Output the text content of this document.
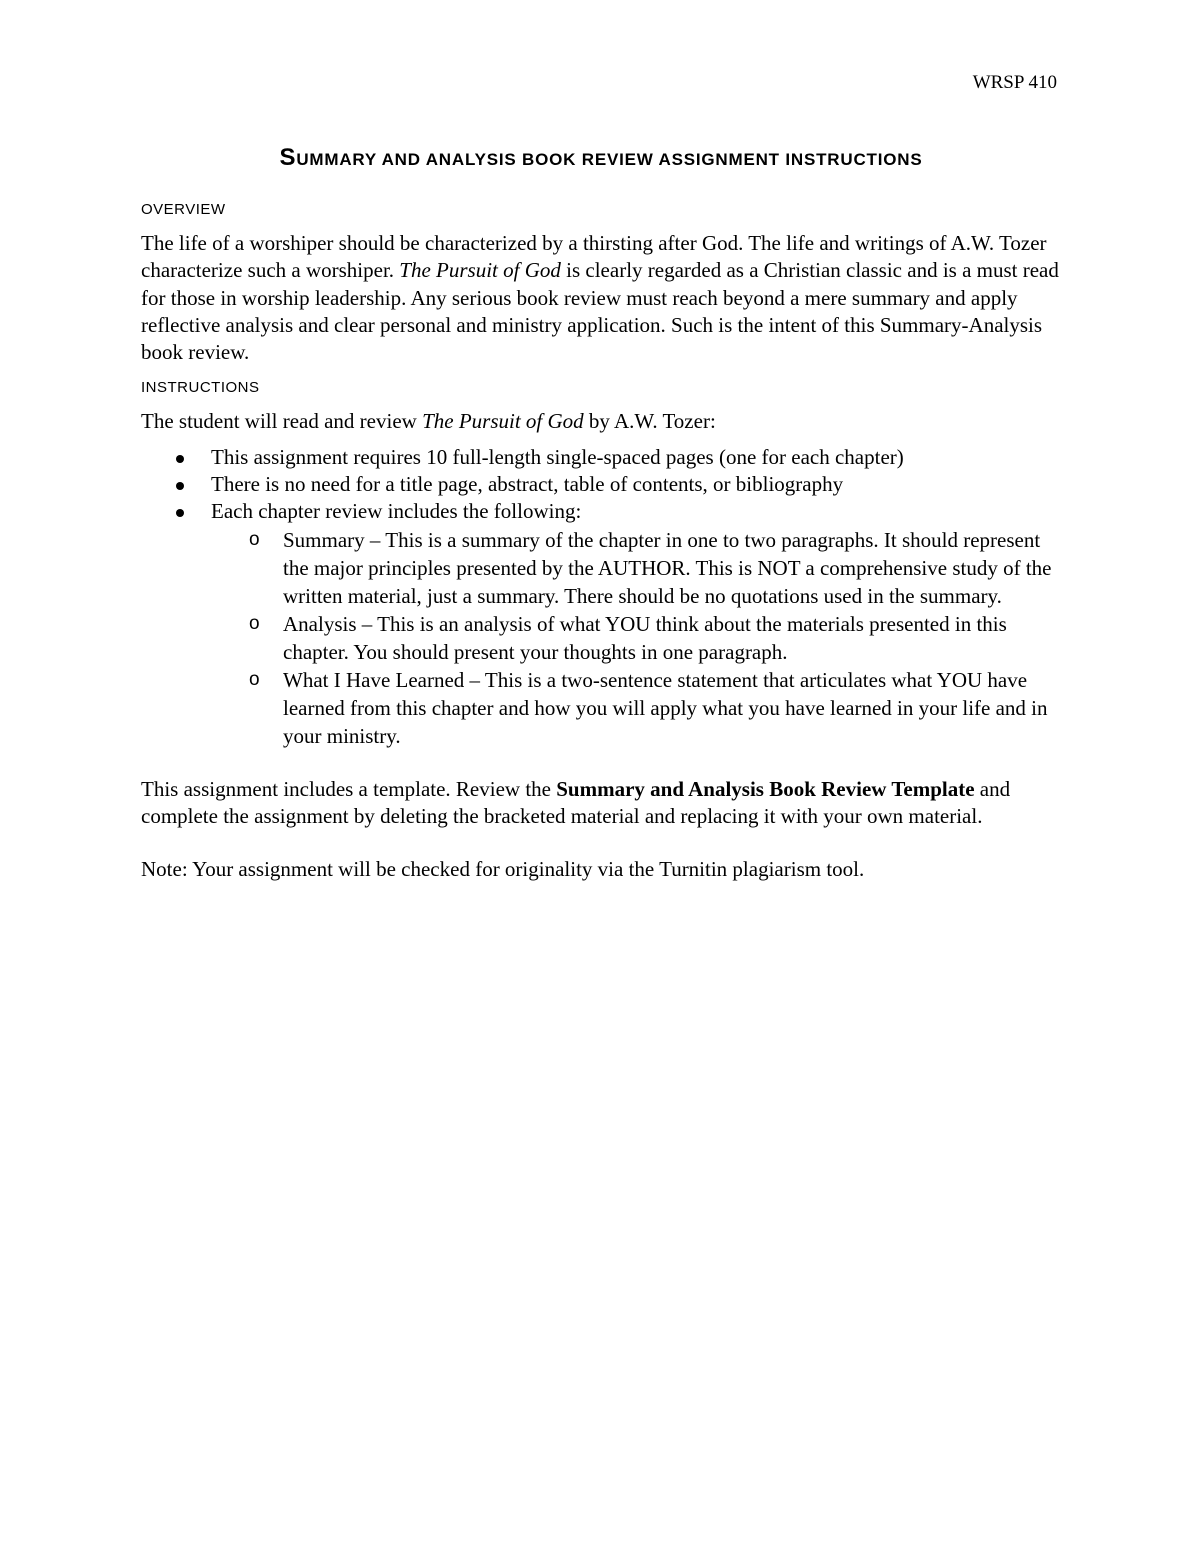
WRSP 410
SUMMARY AND ANALYSIS BOOK REVIEW ASSIGNMENT INSTRUCTIONS
OVERVIEW

The life of a worshiper should be characterized by a thirsting after God. The life and writings of A.W. Tozer characterize such a worshiper. The Pursuit of God is clearly regarded as a Christian classic and is a must read for those in worship leadership. Any serious book review must reach beyond a mere summary and apply reflective analysis and clear personal and ministry application. Such is the intent of this Summary-Analysis book review.

INSTRUCTIONS

The student will read and review The Pursuit of God by A.W. Tozer:

This assignment requires 10 full-length single-spaced pages (one for each chapter)
There is no need for a title page, abstract, table of contents, or bibliography
Each chapter review includes the following:
o Summary – This is a summary of the chapter in one to two paragraphs. It should represent the major principles presented by the AUTHOR. This is NOT a comprehensive study of the written material, just a summary. There should be no quotations used in the summary.
o Analysis – This is an analysis of what YOU think about the materials presented in this chapter. You should present your thoughts in one paragraph.
o What I Have Learned – This is a two-sentence statement that articulates what YOU have learned from this chapter and how you will apply what you have learned in your life and in your ministry.

This assignment includes a template. Review the Summary and Analysis Book Review Template and complete the assignment by deleting the bracketed material and replacing it with your own material.

Note: Your assignment will be checked for originality via the Turnitin plagiarism tool.
